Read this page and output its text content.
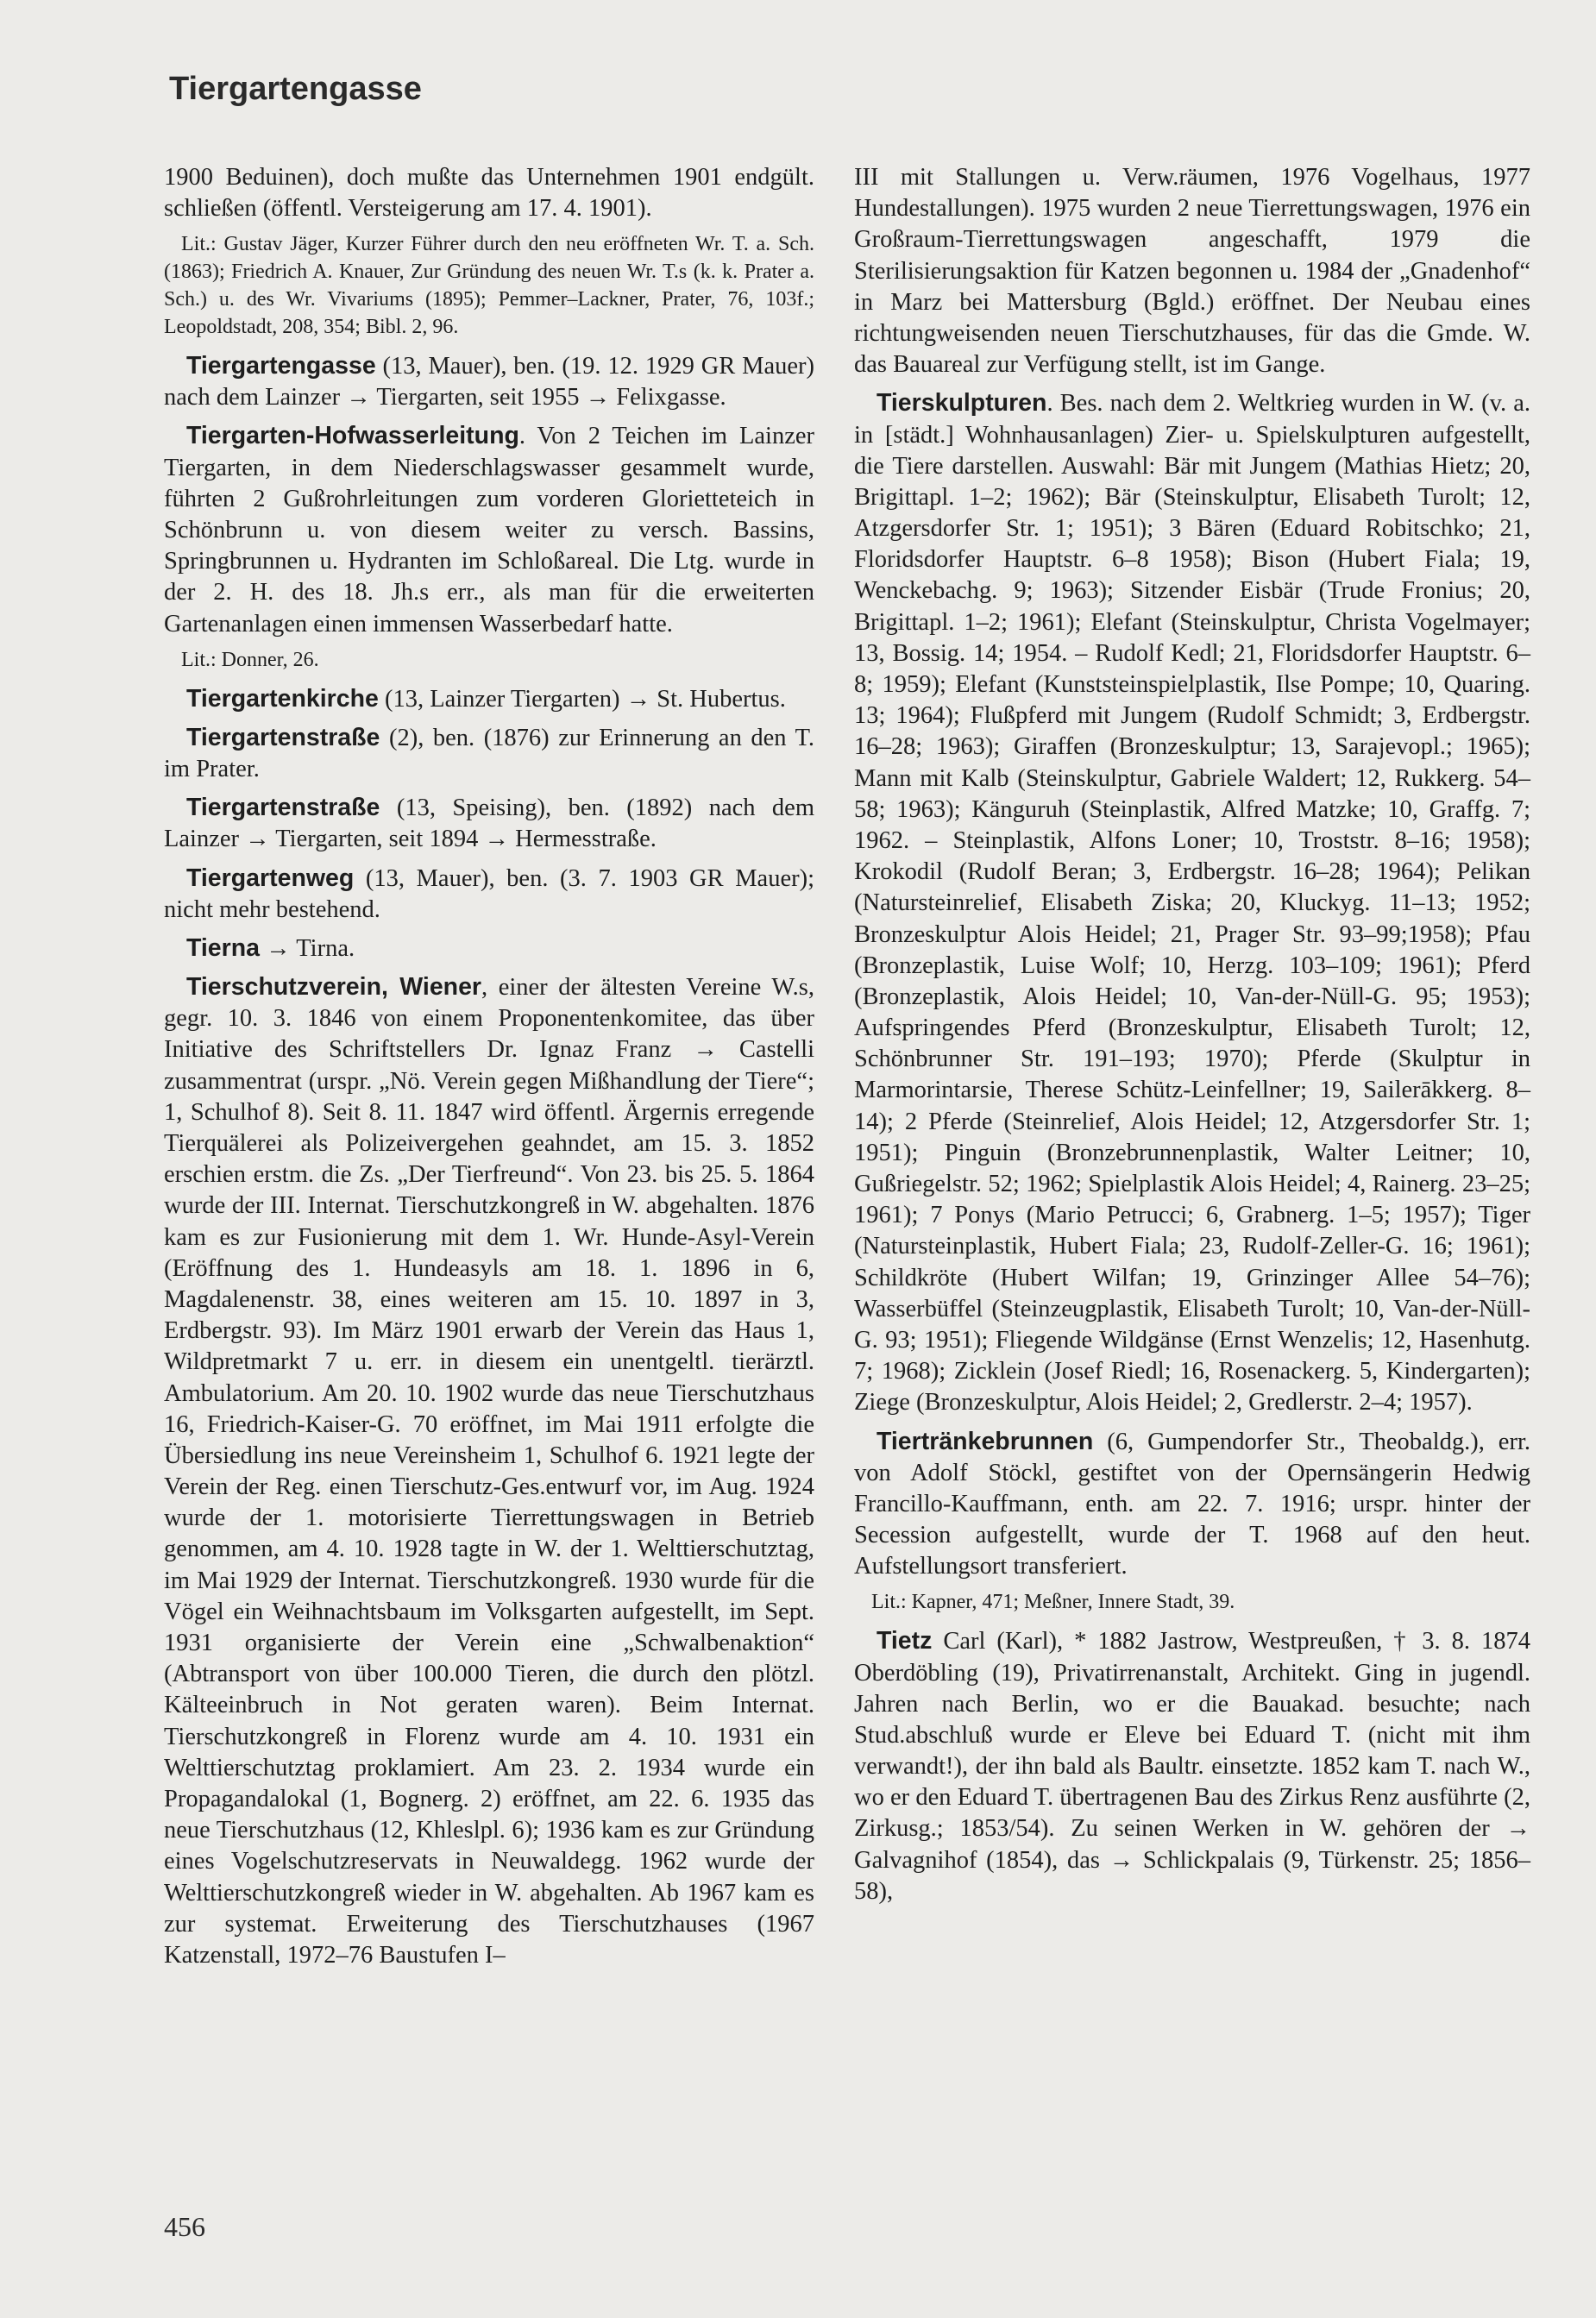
Tiergartengasse

1900 Beduinen), doch mußte das Unternehmen 1901 endgült. schließen (öffentl. Versteigerung am 17. 4. 1901).

Lit.: Gustav Jäger, Kurzer Führer durch den neu eröffneten Wr. T. a. Sch. (1863); Friedrich A. Knauer, Zur Gründung des neuen Wr. T.s (k. k. Prater a. Sch.) u. des Wr. Vivariums (1895); Pemmer–Lackner, Prater, 76, 103f.; Leopoldstadt, 208, 354; Bibl. 2, 96.

Tiergartengasse (13, Mauer), ben. (19. 12. 1929 GR Mauer) nach dem Lainzer → Tiergarten, seit 1955 → Felixgasse.

Tiergarten-Hofwasserleitung. Von 2 Teichen im Lainzer Tiergarten, in dem Niederschlagswasser gesammelt wurde, führten 2 Gußrohrleitungen zum vorderen Glorietteteich in Schönbrunn u. von diesem weiter zu versch. Bassins, Springbrunnen u. Hydranten im Schloßareal. Die Ltg. wurde in der 2. H. des 18. Jh.s err., als man für die erweiterten Gartenanlagen einen immensen Wasserbedarf hatte.

Lit.: Donner, 26.

Tiergartenkirche (13, Lainzer Tiergarten) → St. Hubertus.

Tiergartenstraße (2), ben. (1876) zur Erinnerung an den T. im Prater.

Tiergartenstraße (13, Speising), ben. (1892) nach dem Lainzer → Tiergarten, seit 1894 → Hermesstraße.

Tiergartenweg (13, Mauer), ben. (3. 7. 1903 GR Mauer); nicht mehr bestehend.

Tierna → Tirna.

Tierschutzverein, Wiener, einer der ältesten Vereine W.s, gegr. 10. 3. 1846 von einem Proponentenkomitee, das über Initiative des Schriftstellers Dr. Ignaz Franz → Castelli zusammentrat (urspr. „Nö. Verein gegen Mißhandlung der Tiere“; 1, Schulhof 8). Seit 8. 11. 1847 wird öffentl. Ärgernis erregende Tierquälerei als Polizeivergehen geahndet, am 15. 3. 1852 erschien erstm. die Zs. „Der Tierfreund“. Von 23. bis 25. 5. 1864 wurde der III. Internat. Tierschutzkongreß in W. abgehalten. 1876 kam es zur Fusionierung mit dem 1. Wr. Hunde-Asyl-Verein (Eröffnung des 1. Hundeasyls am 18. 1. 1896 in 6, Magdalenenstr. 38, eines weiteren am 15. 10. 1897 in 3, Erdbergstr. 93). Im März 1901 erwarb der Verein das Haus 1, Wildpretmarkt 7 u. err. in diesem ein unentgeltl. tierärztl. Ambulatorium. Am 20. 10. 1902 wurde das neue Tierschutzhaus 16, Friedrich-Kaiser-G. 70 eröffnet, im Mai 1911 erfolgte die Übersiedlung ins neue Vereinsheim 1, Schulhof 6. 1921 legte der Verein der Reg. einen Tierschutz-Ges.entwurf vor, im Aug. 1924 wurde der 1. motorisierte Tierrettungswagen in Betrieb genommen, am 4. 10. 1928 tagte in W. der 1. Welttierschutztag, im Mai 1929 der Internat. Tierschutzkongreß. 1930 wurde für die Vögel ein Weihnachtsbaum im Volksgarten aufgestellt, im Sept. 1931 organisierte der Verein eine „Schwalbenaktion“ (Abtransport von über 100.000 Tieren, die durch den plötzl. Kälteeinbruch in Not geraten waren). Beim Internat. Tierschutzkongreß in Florenz wurde am 4. 10. 1931 ein Welttierschutztag proklamiert. Am 23. 2. 1934 wurde ein Propagandalokal (1, Bognerg. 2) eröffnet, am 22. 6. 1935 das neue Tierschutzhaus (12, Khleslpl. 6); 1936 kam es zur Gründung eines Vogelschutzreservats in Neuwaldegg. 1962 wurde der Welttierschutzkongreß wieder in W. abgehalten. Ab 1967 kam es zur systemat. Erweiterung des Tierschutzhauses (1967 Katzenstall, 1972–76 Baustufen I–

III mit Stallungen u. Verw.räumen, 1976 Vogelhaus, 1977 Hundestallungen). 1975 wurden 2 neue Tierrettungswagen, 1976 ein Großraum-Tierrettungswagen angeschafft, 1979 die Sterilisierungsaktion für Katzen begonnen u. 1984 der „Gnadenhof“ in Marz bei Mattersburg (Bgld.) eröffnet. Der Neubau eines richtungweisenden neuen Tierschutzhauses, für das die Gmde. W. das Bauareal zur Verfügung stellt, ist im Gange.

Tierskulpturen. Bes. nach dem 2. Weltkrieg wurden in W. (v. a. in [städt.] Wohnhausanlagen) Zier- u. Spielskulpturen aufgestellt, die Tiere darstellen. Auswahl: Bär mit Jungem (Mathias Hietz; 20, Brigittapl. 1–2; 1962); Bär (Steinskulptur, Elisabeth Turolt; 12, Atzgersdorfer Str. 1; 1951); 3 Bären (Eduard Robitschko; 21, Floridsdorfer Hauptstr. 6–8 1958); Bison (Hubert Fiala; 19, Wenckebachg. 9; 1963); Sitzender Eisbär (Trude Fronius; 20, Brigittapl. 1–2; 1961); Elefant (Steinskulptur, Christa Vogelmayer; 13, Bossig. 14; 1954. – Rudolf Kedl; 21, Floridsdorfer Hauptstr. 6–8; 1959); Elefant (Kunststeinspielplastik, Ilse Pompe; 10, Quaring. 13; 1964); Flußpferd mit Jungem (Rudolf Schmidt; 3, Erdbergstr. 16–28; 1963); Giraffen (Bronzeskulptur; 13, Sarajevopl.; 1965); Mann mit Kalb (Steinskulptur, Gabriele Waldert; 12, Rukkerg. 54–58; 1963); Känguruh (Steinplastik, Alfred Matzke; 10, Graffg. 7; 1962. – Steinplastik, Alfons Loner; 10, Troststr. 8–16; 1958); Krokodil (Rudolf Beran; 3, Erdbergstr. 16–28; 1964); Pelikan (Natursteinrelief, Elisabeth Ziska; 20, Kluckyg. 11–13; 1952; Bronzeskulptur Alois Heidel; 21, Prager Str. 93–99;1958); Pfau (Bronzeplastik, Luise Wolf; 10, Herzg. 103–109; 1961); Pferd (Bronzeplastik, Alois Heidel; 10, Van-der-Nüll-G. 95; 1953); Aufspringendes Pferd (Bronzeskulptur, Elisabeth Turolt; 12, Schönbrunner Str. 191–193; 1970); Pferde (Skulptur in Marmorintarsie, Therese Schütz-Leinfellner; 19, Sailerākkerg. 8–14); 2 Pferde (Steinrelief, Alois Heidel; 12, Atzgersdorfer Str. 1; 1951); Pinguin (Bronzebrunnenplastik, Walter Leitner; 10, Gußriegelstr. 52; 1962; Spielplastik Alois Heidel; 4, Rainerg. 23–25; 1961); 7 Ponys (Mario Petrucci; 6, Grabnerg. 1–5; 1957); Tiger (Natursteinplastik, Hubert Fiala; 23, Rudolf-Zeller-G. 16; 1961); Schildkröte (Hubert Wilfan; 19, Grinzinger Allee 54–76); Wasserbüffel (Steinzeugplastik, Elisabeth Turolt; 10, Van-der-Nüll-G. 93; 1951); Fliegende Wildgänse (Ernst Wenzelis; 12, Hasenhutg. 7; 1968); Zicklein (Josef Riedl; 16, Rosenackerg. 5, Kindergarten); Ziege (Bronzeskulptur, Alois Heidel; 2, Gredlerstr. 2–4; 1957).

Tiertränkebrunnen (6, Gumpendorfer Str., Theobaldg.), err. von Adolf Stöckl, gestiftet von der Opernsängerin Hedwig Francillo-Kauffmann, enth. am 22. 7. 1916; urspr. hinter der Secession aufgestellt, wurde der T. 1968 auf den heut. Aufstellungsort transferiert.

Lit.: Kapner, 471; Meßner, Innere Stadt, 39.

Tietz Carl (Karl), * 1882 Jastrow, Westpreußen, † 3. 8. 1874 Oberdöbling (19), Privatirrenanstalt, Architekt. Ging in jugendl. Jahren nach Berlin, wo er die Bauakad. besuchte; nach Stud.abschluß wurde er Eleve bei Eduard T. (nicht mit ihm verwandt!), der ihn bald als Baultr. einsetzte. 1852 kam T. nach W., wo er den Eduard T. übertragenen Bau des Zirkus Renz ausführte (2, Zirkusg.; 1853/54). Zu seinen Werken in W. gehören der → Galvagnihof (1854), das → Schlickpalais (9, Türkenstr. 25; 1856–58),

456
